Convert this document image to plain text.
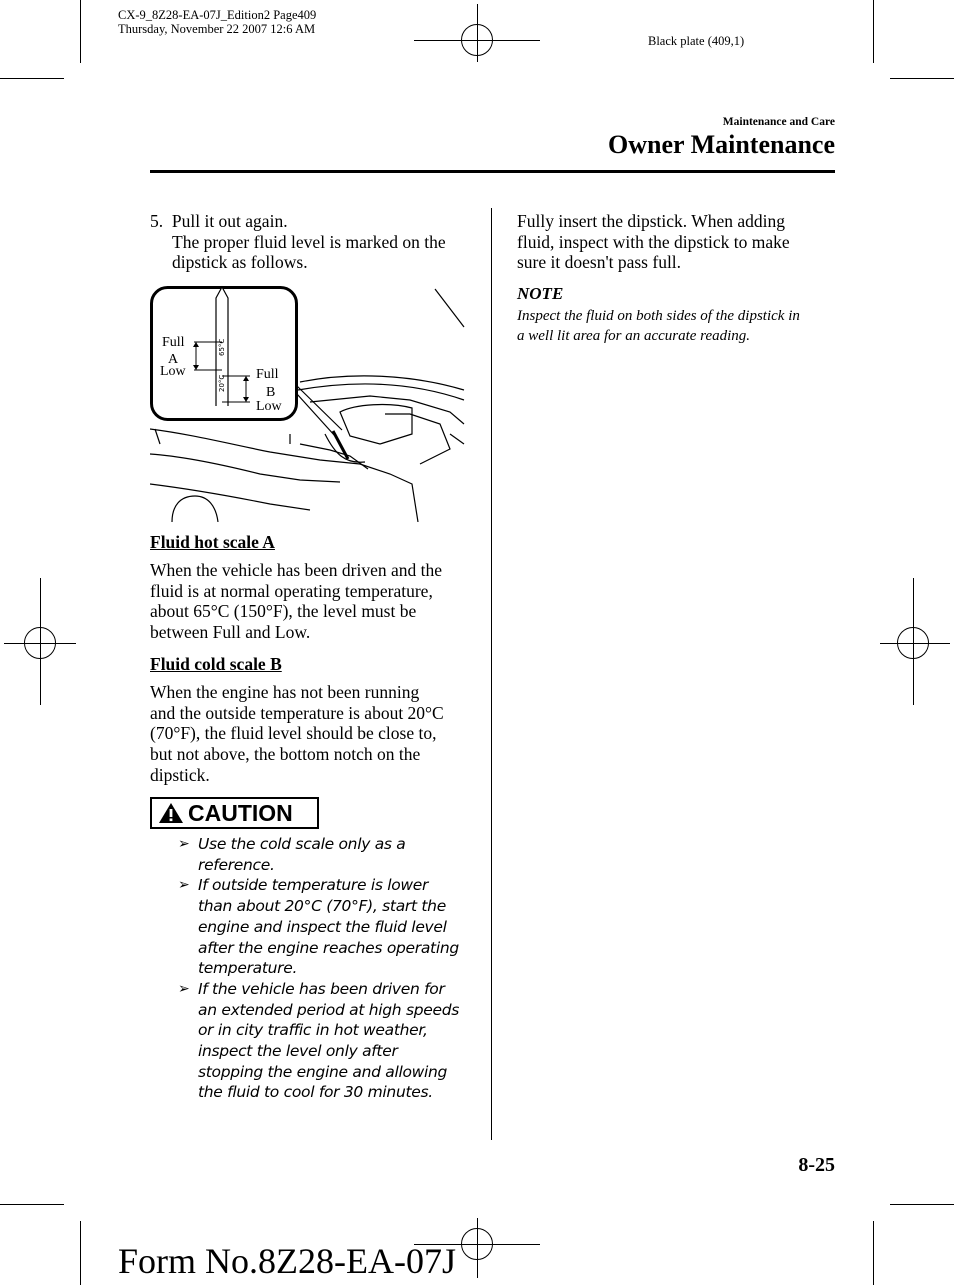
CX-9_8Z28-EA-07J_Edition2 Page409
Thursday, November 22 2007 12:6 AM
Black plate (409,1)
Maintenance and Care
Owner Maintenance
5. Pull it out again.
The proper fluid level is marked on the
dipstick as follows.
65°C
20°C
Full
A
Low	Full
B
Low
Fluid hot scale A
When the vehicle has been driven and the
fluid is at normal operating temperature,
about 65°C (150°F), the level must be
between Full and Low.
Fluid cold scale B
When the engine has not been running
and the outside temperature is about 20°C
(70°F), the fluid level should be close to,
but not above, the bottom notch on the
dipstick.
CAUTION
➢ Use the cold scale only as a
reference.
➢ If outside temperature is lower
than about 20°C (70°F), start the
engine and inspect the fluid level
after the engine reaches operating
temperature.
➢ If the vehicle has been driven for
an extended period at high speeds
or in city traffic in hot weather,
inspect the level only after
stopping the engine and allowing
the fluid to cool for 30 minutes.
Fully insert the dipstick. When adding
fluid, inspect with the dipstick to make
sure it doesn't pass full.
NOTE
Inspect the fluid on both sides of the dipstick in
a well lit area for an accurate reading.
8-25
Form No.8Z28-EA-07J
